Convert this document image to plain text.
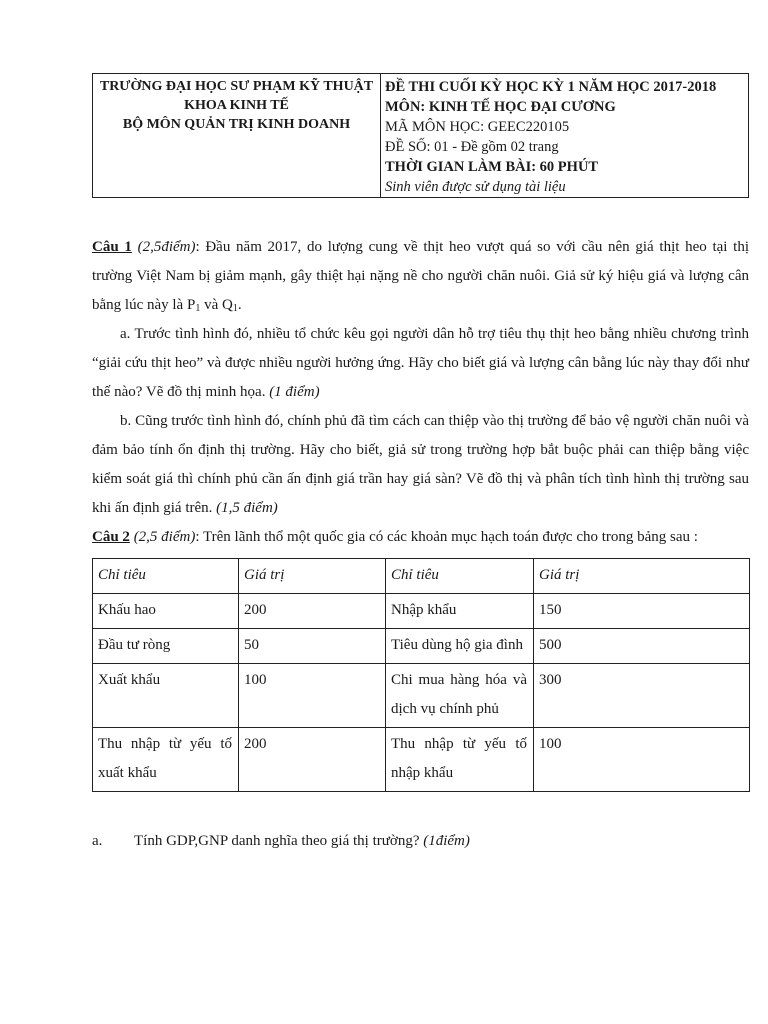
TRƯỜNG ĐẠI HỌC SƯ PHẠM KỸ THUẬT
KHOA KINH TẾ
BỘ MÔN QUẢN TRỊ KINH DOANH

ĐỀ THI CUỐI KỲ HỌC KỲ 1 NĂM HỌC 2017-2018
MÔN: KINH TẾ HỌC ĐẠI CƯƠNG
MÃ MÔN HỌC: GEEC220105
ĐỀ SỐ: 01 - Đề gồm 02 trang
THỜI GIAN LÀM BÀI: 60 PHÚT
Sinh viên được sử dụng tài liệu

Câu 1 (2,5điểm): Đầu năm 2017, do lượng cung về thịt heo vượt quá so với cầu nên giá thịt heo tại thị trường Việt Nam bị giảm mạnh, gây thiệt hại nặng nề cho người chăn nuôi. Giả sử ký hiệu giá và lượng cân bằng lúc này là $P_1$ và $Q_1$.

a. Trước tình hình đó, nhiều tổ chức kêu gọi người dân hỗ trợ tiêu thụ thịt heo bằng nhiều chương trình “giải cứu thịt heo” và được nhiều người hưởng ứng. Hãy cho biết giá và lượng cân bằng lúc này thay đổi như thế nào? Vẽ đồ thị minh họa. (1 điểm)

b. Cũng trước tình hình đó, chính phủ đã tìm cách can thiệp vào thị trường để bảo vệ người chăn nuôi và đảm bảo tính ổn định thị trường. Hãy cho biết, giả sử trong trường hợp bắt buộc phải can thiệp bằng việc kiểm soát giá thì chính phủ cần ấn định giá trần hay giá sàn? Vẽ đồ thị và phân tích tình hình thị trường sau khi ấn định giá trên. (1,5 điểm)

Câu 2 (2,5 điểm): Trên lãnh thổ một quốc gia có các khoản mục hạch toán được cho trong bảng sau :

Chỉ tiêu	Giá trị	Chỉ tiêu	Giá trị
Khấu hao	200	Nhập khẩu	150
Đầu tư ròng	50	Tiêu dùng hộ gia đình	500
Xuất khẩu	100	Chi mua hàng hóa và dịch vụ chính phủ	300
Thu nhập từ yếu tố xuất khẩu	200	Thu nhập từ yếu tố nhập khẩu	100

a. Tính GDP,GNP danh nghĩa theo giá thị trường? (1điểm)
